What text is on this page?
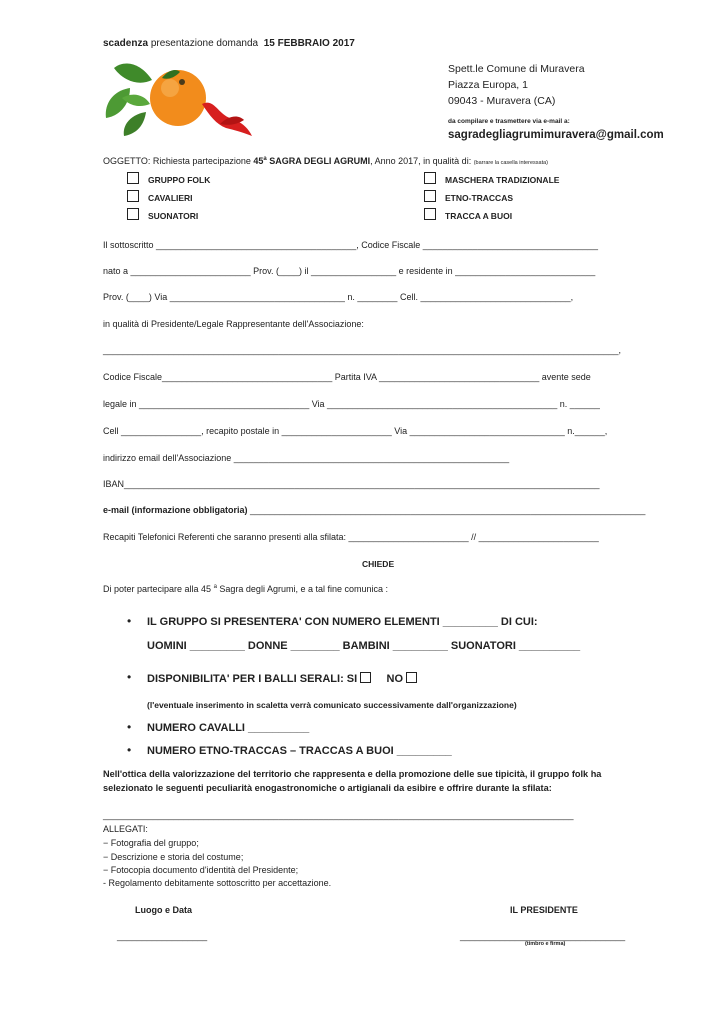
scadenza presentazione domanda 15 FEBBRAIO 2017
Spett.le Comune di Muravera
Piazza Europa, 1
09043 - Muravera (CA)
da compilare e trasmettere via e-mail a:
sagradegliagrumimuravera@gmail.com
OGGETTO: Richiesta partecipazione 45$^a$ SAGRA DEGLI AGRUMI, Anno 2017, in qualità di: (barrare la casella interessata)
GRUPPO FOLK
CAVALIERI
SUONATORI
MASCHERA TRADIZIONALE
ETNO-TRACCAS
TRACCA A BUOI
Il sottoscritto ________________________________________, Codice Fiscale ___________________________________
nato a ________________________ Prov. (____) il _________________ e residente in ____________________________
Prov. (____) Via ___________________________________ n. ________ Cell. ______________________________,
in qualità di Presidente/Legale Rappresentante dell'Associazione:
_______________________________________________________________________________________________________,
Codice Fiscale__________________________________ Partita IVA ________________________________ avente sede
legale in __________________________________ Via ______________________________________________ n. ______
Cell ________________, recapito postale in ______________________ Via _______________________________ n.______,
indirizzo email dell'Associazione _______________________________________________________
IBAN_______________________________________________________________________________________________
e-mail (informazione obbligatoria) _______________________________________________________________________________
Recapiti Telefonici Referenti che saranno presenti alla sfilata: ________________________ // ________________________
CHIEDE
Di poter partecipare alla 45 $^a$ Sagra degli Agrumi, e a tal fine comunica :
• IL GRUPPO SI PRESENTERA' CON NUMERO ELEMENTI _________ DI CUI:
UOMINI _________ DONNE ________ BAMBINI _________ SUONATORI __________
• DISPONIBILITA' PER I BALLI SERALI: SI	NO
(l'eventuale inserimento in scaletta verrà comunicato successivamente dall'organizzazione)
• NUMERO CAVALLI __________
• NUMERO ETNO-TRACCAS – TRACCAS A BUOI _________
Nell'ottica della valorizzazione del territorio che rappresenta e della promozione delle sue tipicità, il gruppo folk ha
selezionato le seguenti peculiarità enogastronomiche o artigianali da esibire e offrire durante la sfilata:
______________________________________________________________________________________________
ALLEGATI:
− Fotografia del gruppo;
− Descrizione e storia del costume;
− Fotocopia documento d'identità del Presidente;
- Regolamento debitamente sottoscritto per accettazione.
Luogo e Data	IL PRESIDENTE
__________________	_________________________________
(timbro e firma)
